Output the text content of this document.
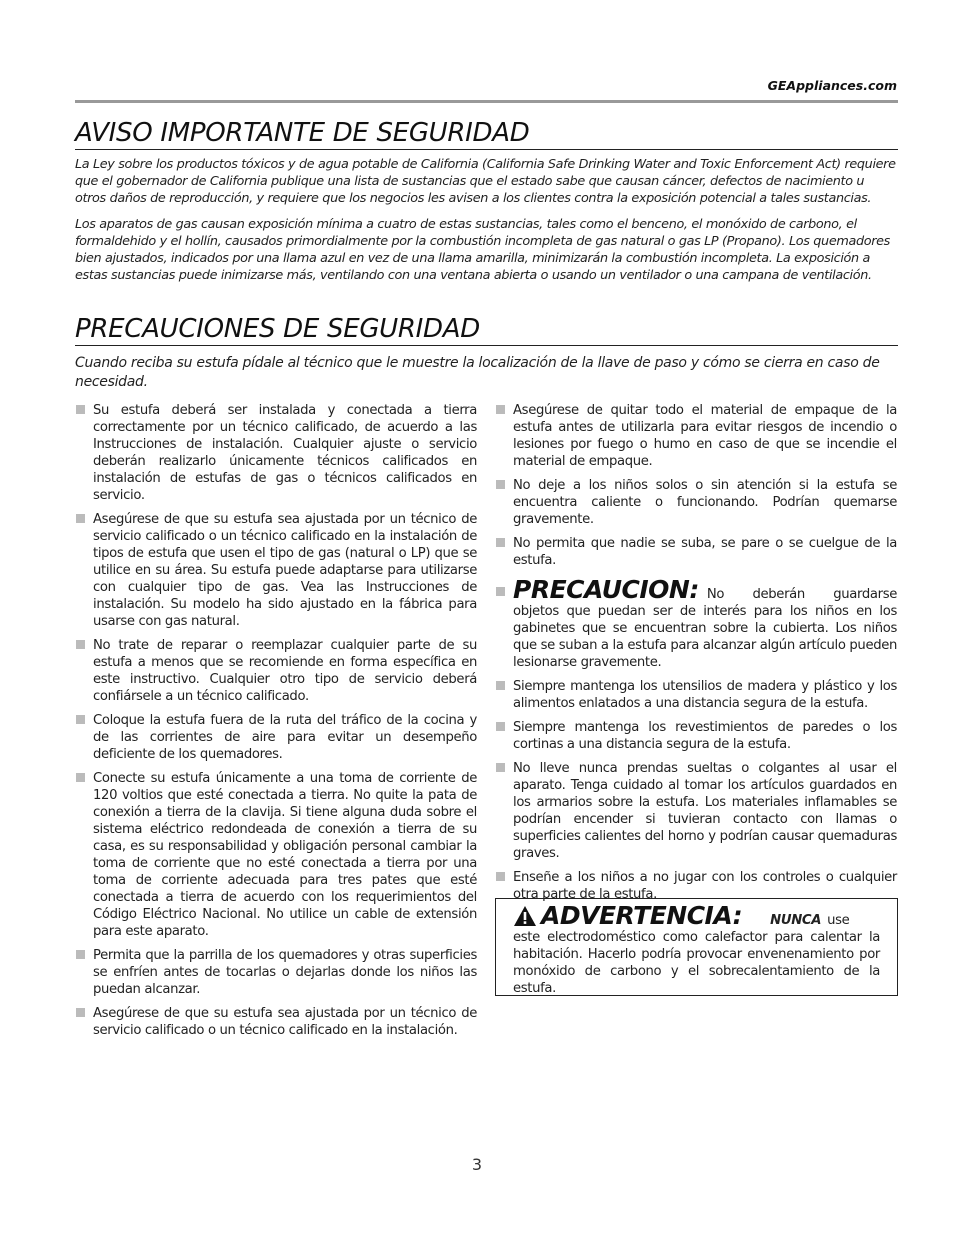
GEAppliances.com
AVISO IMPORTANTE DE SEGURIDAD

La Ley sobre los productos tóxicos y de agua potable de California (California Safe Drinking Water and Toxic Enforcement Act) requiere que el gobernador de California publique una lista de sustancias que el estado sabe que causan cáncer, defectos de nacimiento u otros daños de reproducción, y requiere que los negocios les avisen a los clientes contra la exposición potencial a tales sustancias.

Los aparatos de gas causan exposición mínima a cuatro de estas sustancias, tales como el benceno, el monóxido de carbono, el formaldehido y el hollín, causados primordialmente por la combustión incompleta de gas natural o gas LP (Propano). Los quemadores bien ajustados, indicados por una llama azul en vez de una llama amarilla, minimizarán la combustión incompleta. La exposición a estas sustancias puede inimizarse más, ventilando con una ventana abierta o usando un ventilador o una campana de ventilación.

PRECAUCIONES DE SEGURIDAD

Cuando reciba su estufa pídale al técnico que le muestre la localización de la llave de paso y cómo se cierra en caso de necesidad.

Su estufa deberá ser instalada y conectada a tierra correctamente por un técnico calificado, de acuerdo a las Instrucciones de instalación. Cualquier ajuste o servicio deberán realizarlo únicamente técnicos calificados en instalación de estufas de gas o técnicos calificados en servicio.

Asegúrese de que su estufa sea ajustada por un técnico de servicio calificado o un técnico calificado en la instalación de tipos de estufa que usen el tipo de gas (natural o LP) que se utilice en su área. Su estufa puede adaptarse para utilizarse con cualquier tipo de gas. Vea las Instrucciones de instalación. Su modelo ha sido ajustado en la fábrica para usarse con gas natural.

No trate de reparar o reemplazar cualquier parte de su estufa a menos que se recomiende en forma específica en este instructivo. Cualquier otro tipo de servicio deberá confiársele a un técnico calificado.

Coloque la estufa fuera de la ruta del tráfico de la cocina y de las corrientes de aire para evitar un desempeño deficiente de los quemadores.

Conecte su estufa únicamente a una toma de corriente de 120 voltios que esté conectada a tierra. No quite la pata de conexión a tierra de la clavija. Si tiene alguna duda sobre el sistema eléctrico redondeada de conexión a tierra de su casa, es su responsabilidad y obligación personal cambiar la toma de corriente que no esté conectada a tierra por una toma de corriente adecuada para tres pates que esté conectada a tierra de acuerdo con los requerimientos del Código Eléctrico Nacional. No utilice un cable de extensión para este aparato.

Permita que la parrilla de los quemadores y otras superficies se enfríen antes de tocarlas o dejarlas donde los niños las puedan alcanzar.

Asegúrese de que su estufa sea ajustada por un técnico de servicio calificado o un técnico calificado en la instalación.

Asegúrese de quitar todo el material de empaque de la estufa antes de utilizarla para evitar riesgos de incendio o lesiones por fuego o humo en caso de que se incendie el material de empaque.

No deje a los niños solos o sin atención si la estufa se encuentra caliente o funcionando. Podrían quemarse gravemente.

No permita que nadie se suba, se pare o se cuelgue de la estufa.

PRECAUCION: No deberán guardarse objetos que puedan ser de interés para los niños en los gabinetes que se encuentran sobre la cubierta. Los niños que se suban a la estufa para alcanzar algún artículo pueden lesionarse gravemente.

Siempre mantenga los utensilios de madera y plástico y los alimentos enlatados a una distancia segura de la estufa.

Siempre mantenga los revestimientos de paredes o los cortinas a una distancia segura de la estufa.

No lleve nunca prendas sueltas o colgantes al usar el aparato. Tenga cuidado al tomar los artículos guardados en los armarios sobre la estufa. Los materiales inflamables se podrían encender si tuvieran contacto con llamas o superficies calientes del horno y podrían causar quemaduras graves.

Enseñe a los niños a no jugar con los controles o cualquier otra parte de la estufa.

ADVERTENCIA: NUNCA use este electrodoméstico como calefactor para calentar la habitación. Hacerlo podría provocar envenenamiento por monóxido de carbono y el sobrecalentamiento de la estufa.

3
